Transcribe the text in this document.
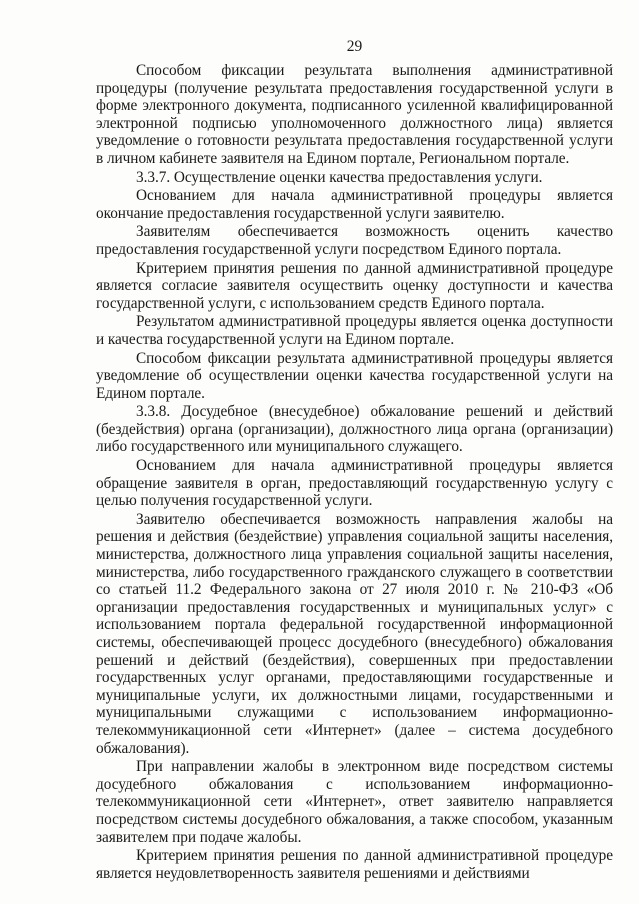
29

Способом фиксации результата выполнения административной процедуры (получение результата предоставления государственной услуги в форме электронного документа, подписанного усиленной квалифицированной электронной подписью уполномоченного должностного лица) является уведомление о готовности результата предоставления государственной услуги в личном кабинете заявителя на Едином портале, Региональном портале.

3.3.7. Осуществление оценки качества предоставления услуги.

Основанием для начала административной процедуры является окончание предоставления государственной услуги заявителю.

Заявителям обеспечивается возможность оценить качество предоставления государственной услуги посредством Единого портала.

Критерием принятия решения по данной административной процедуре является согласие заявителя осуществить оценку доступности и качества государственной услуги, с использованием средств Единого портала.

Результатом административной процедуры является оценка доступности и качества государственной услуги на Едином портале.

Способом фиксации результата административной процедуры является уведомление об осуществлении оценки качества государственной услуги на Едином портале.

3.3.8. Досудебное (внесудебное) обжалование решений и действий (бездействия) органа (организации), должностного лица органа (организации) либо государственного или муниципального служащего.

Основанием для начала административной процедуры является обращение заявителя в орган, предоставляющий государственную услугу с целью получения государственной услуги.

Заявителю обеспечивается возможность направления жалобы на решения и действия (бездействие) управления социальной защиты населения, министерства, должностного лица управления социальной защиты населения, министерства, либо государственного гражданского служащего в соответствии со статьей 11.2 Федерального закона от 27 июля 2010 г. № 210-ФЗ «Об организации предоставления государственных и муниципальных услуг» с использованием портала федеральной государственной информационной системы, обеспечивающей процесс досудебного (внесудебного) обжалования решений и действий (бездействия), совершенных при предоставлении государственных услуг органами, предоставляющими государственные и муниципальные услуги, их должностными лицами, государственными и муниципальными служащими с использованием информационно-телекоммуникационной сети «Интернет» (далее – система досудебного обжалования).

При направлении жалобы в электронном виде посредством системы досудебного обжалования с использованием информационно-телекоммуникационной сети «Интернет», ответ заявителю направляется посредством системы досудебного обжалования, а также способом, указанным заявителем при подаче жалобы.

Критерием принятия решения по данной административной процедуре является неудовлетворенность заявителя решениями и действиями
